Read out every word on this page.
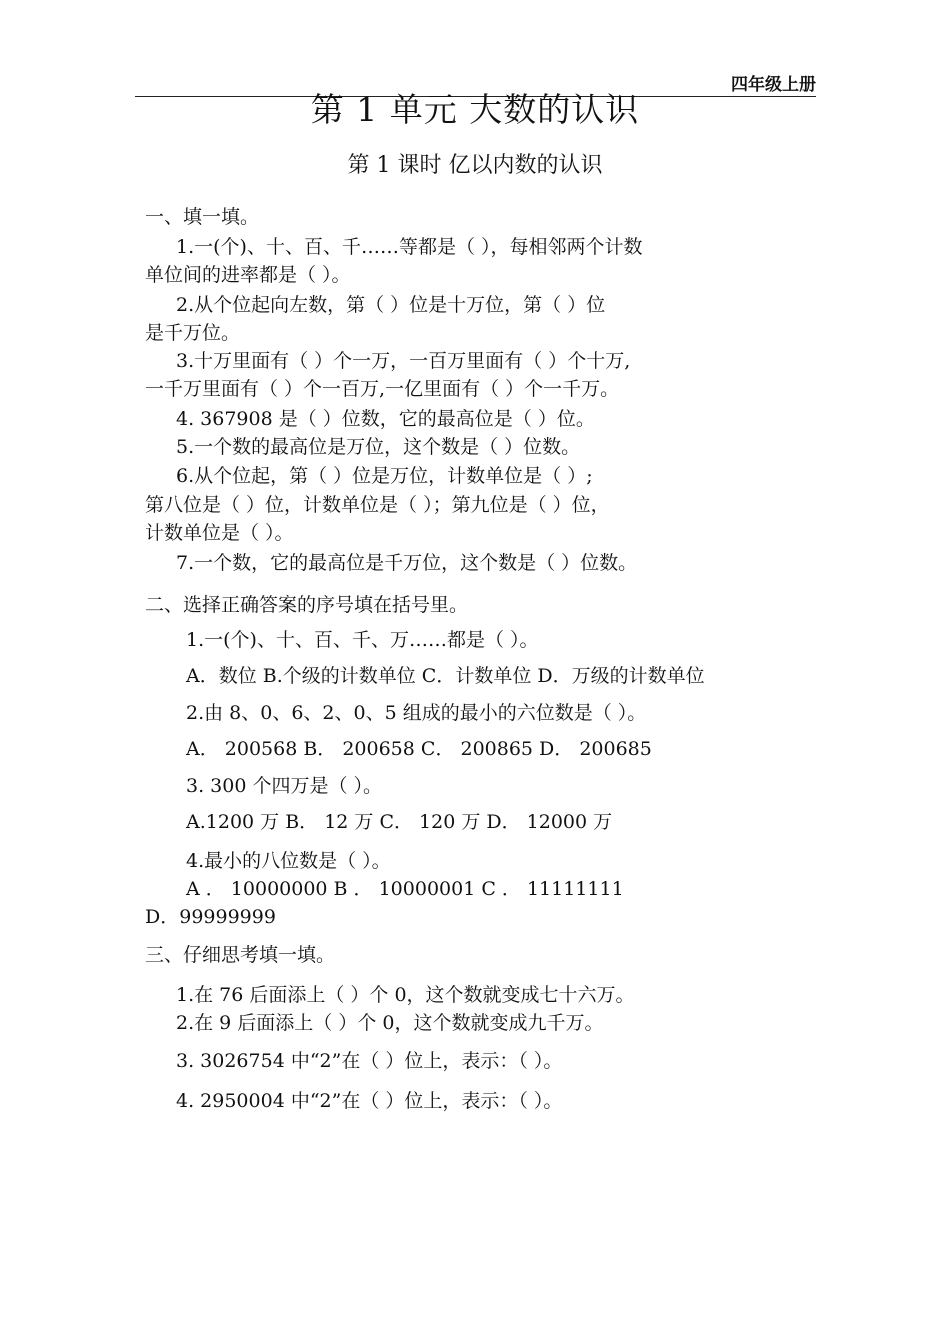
四年级上册
第 1 单元 大数的认识
第 1 课时 亿以内数的认识
一、填一填。
1.一(个)、十、百、千……等都是（ ），每相邻两个计数
单位间的进率都是（ ）。
2.从个位起向左数，第（ ）位是十万位，第（ ）位
是千万位。
3.十万里面有（ ）个一万，一百万里面有（ ）个十万,
一千万里面有（ ）个一百万,一亿里面有（ ）个一千万。
4. 367908 是（ ）位数，它的最高位是（ ）位。
5.一个数的最高位是万位，这个数是（ ）位数。
6.从个位起，第（ ）位是万位，计数单位是（ ）;
第八位是（ ）位，计数单位是（ ）；第九位是（ ）位，
计数单位是（ ）。
7.一个数，它的最高位是千万位，这个数是（ ）位数。
二、选择正确答案的序号填在括号里。
1.一(个)、十、百、千、万……都是（ ）。
A．数位 B.个级的计数单位 C．计数单位 D．万级的计数单位
2.由 8、0、6、2、0、5 组成的最小的六位数是（ ）。
A． 200568 B． 200658 C． 200865 D． 200685
3. 300 个四万是（ ）。
A.1200 万 B． 12 万 C． 120 万 D． 12000 万
4.最小的八位数是（ ）。
A ． 10000000 B ． 10000001 C ． 11111111
D．99999999
三、仔细思考填一填。
1.在 76 后面添上（ ）个 0，这个数就变成七十六万。
2.在 9 后面添上（ ）个 0，这个数就变成九千万。
3. 3026754 中“2”在（ ）位上，表示：（ ）。
4. 2950004 中“2”在（ ）位上，表示：（ ）。
